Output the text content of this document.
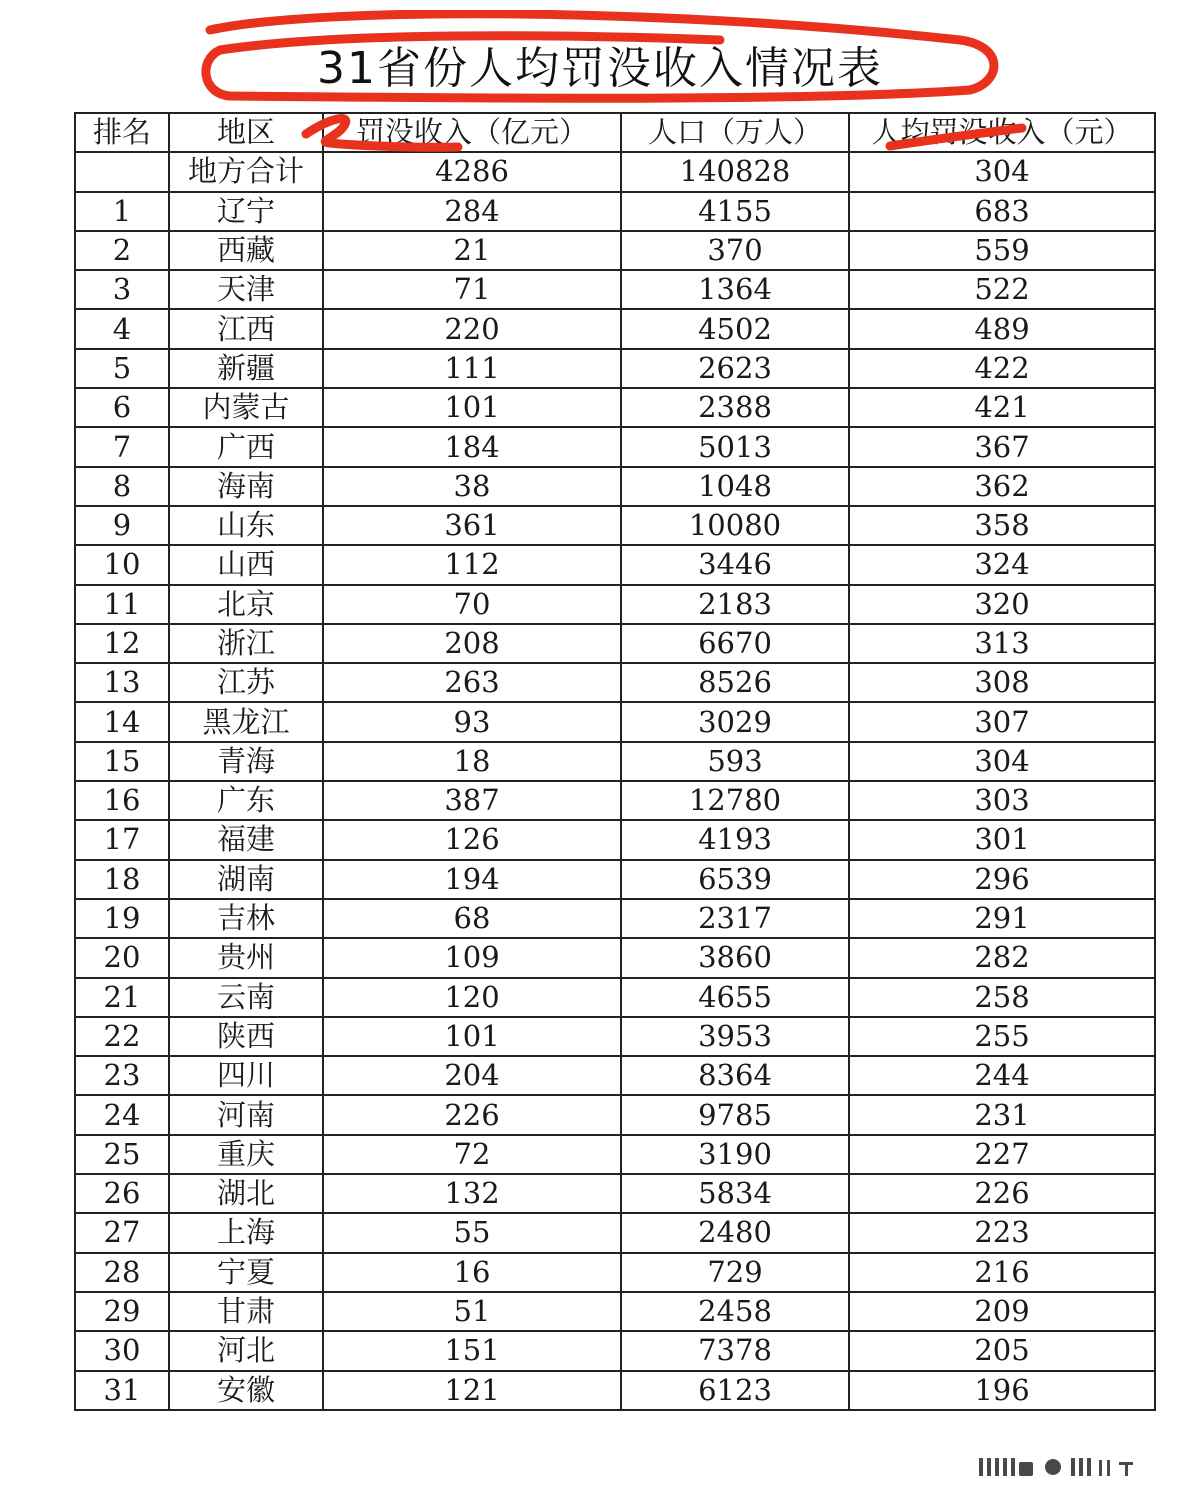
31省份人均罚没收入情况表
排名	地区	罚没收入（亿元）	人口（万人）	人均罚没收入（元）
	地方合计	4286	140828	304
1	辽宁	284	4155	683
2	西藏	21	370	559
3	天津	71	1364	522
4	江西	220	4502	489
5	新疆	111	2623	422
6	内蒙古	101	2388	421
7	广西	184	5013	367
8	海南	38	1048	362
9	山东	361	10080	358
10	山西	112	3446	324
11	北京	70	2183	320
12	浙江	208	6670	313
13	江苏	263	8526	308
14	黑龙江	93	3029	307
15	青海	18	593	304
16	广东	387	12780	303
17	福建	126	4193	301
18	湖南	194	6539	296
19	吉林	68	2317	291
20	贵州	109	3860	282
21	云南	120	4655	258
22	陕西	101	3953	255
23	四川	204	8364	244
24	河南	226	9785	231
25	重庆	72	3190	227
26	湖北	132	5834	226
27	上海	55	2480	223
28	宁夏	16	729	216
29	甘肃	51	2458	209
30	河北	151	7378	205
31	安徽	121	6123	196
